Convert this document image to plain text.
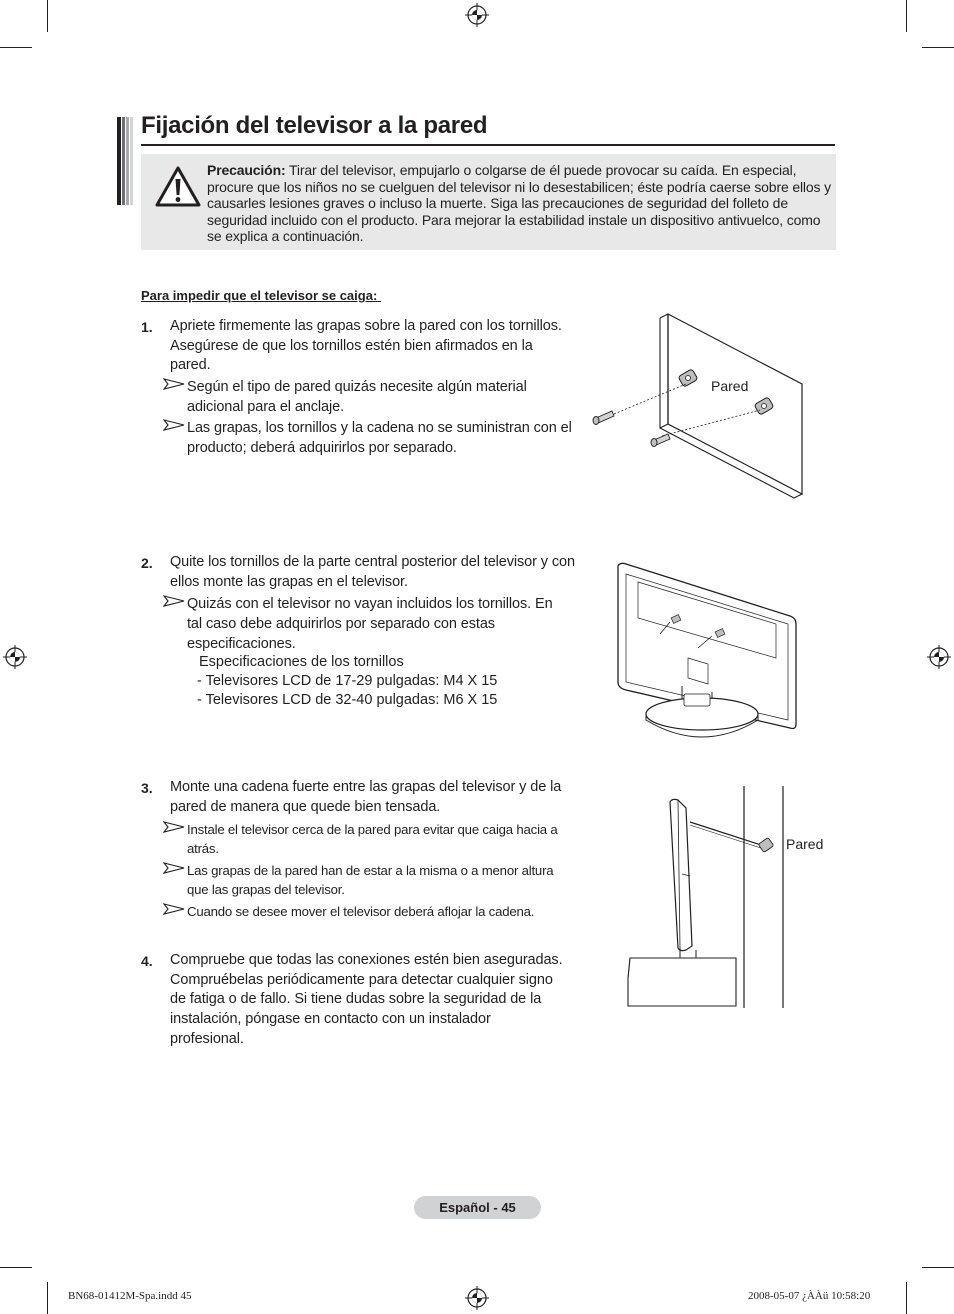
Fijación del televisor a la pared
Precaución: Tirar del televisor, empujarlo o colgarse de él puede provocar su caída. En especial, procure que los niños no se cuelguen del televisor ni lo desestabilicen; éste podría caerse sobre ellos y causarles lesiones graves o incluso la muerte. Siga las precauciones de seguridad del folleto de seguridad incluido con el producto. Para mejorar la estabilidad instale un dispositivo antivuelco, como se explica a continuación.
Para impedir que el televisor se caiga:
1. Apriete firmemente las grapas sobre la pared con los tornillos. Asegúrese de que los tornillos estén bien afirmados en la pared.
Según el tipo de pared quizás necesite algún material adicional para el anclaje.
Las grapas, los tornillos y la cadena no se suministran con el producto; deberá adquirirlos por separado.
Pared
2. Quite los tornillos de la parte central posterior del televisor y con ellos monte las grapas en el televisor.
Quizás con el televisor no vayan incluidos los tornillos. En tal caso debe adquirirlos por separado con estas especificaciones.
Especificaciones de los tornillos
- Televisores LCD de 17-29 pulgadas: M4 X 15
- Televisores LCD de 32-40 pulgadas: M6 X 15
3. Monte una cadena fuerte entre las grapas del televisor y de la pared de manera que quede bien tensada.
Instale el televisor cerca de la pared para evitar que caiga hacia a atrás.
Las grapas de la pared han de estar a la misma o a menor altura que las grapas del televisor.
Cuando se desee mover el televisor deberá aflojar la cadena.
Pared
4. Compruebe que todas las conexiones estén bien aseguradas. Compruébelas periódicamente para detectar cualquier signo de fatiga o de fallo. Si tiene dudas sobre la seguridad de la instalación, póngase en contacto con un instalador profesional.
Español - 45
BN68-01412M-Spa.indd 45	2008-05-07 ¿ÀÀü 10:58:20
